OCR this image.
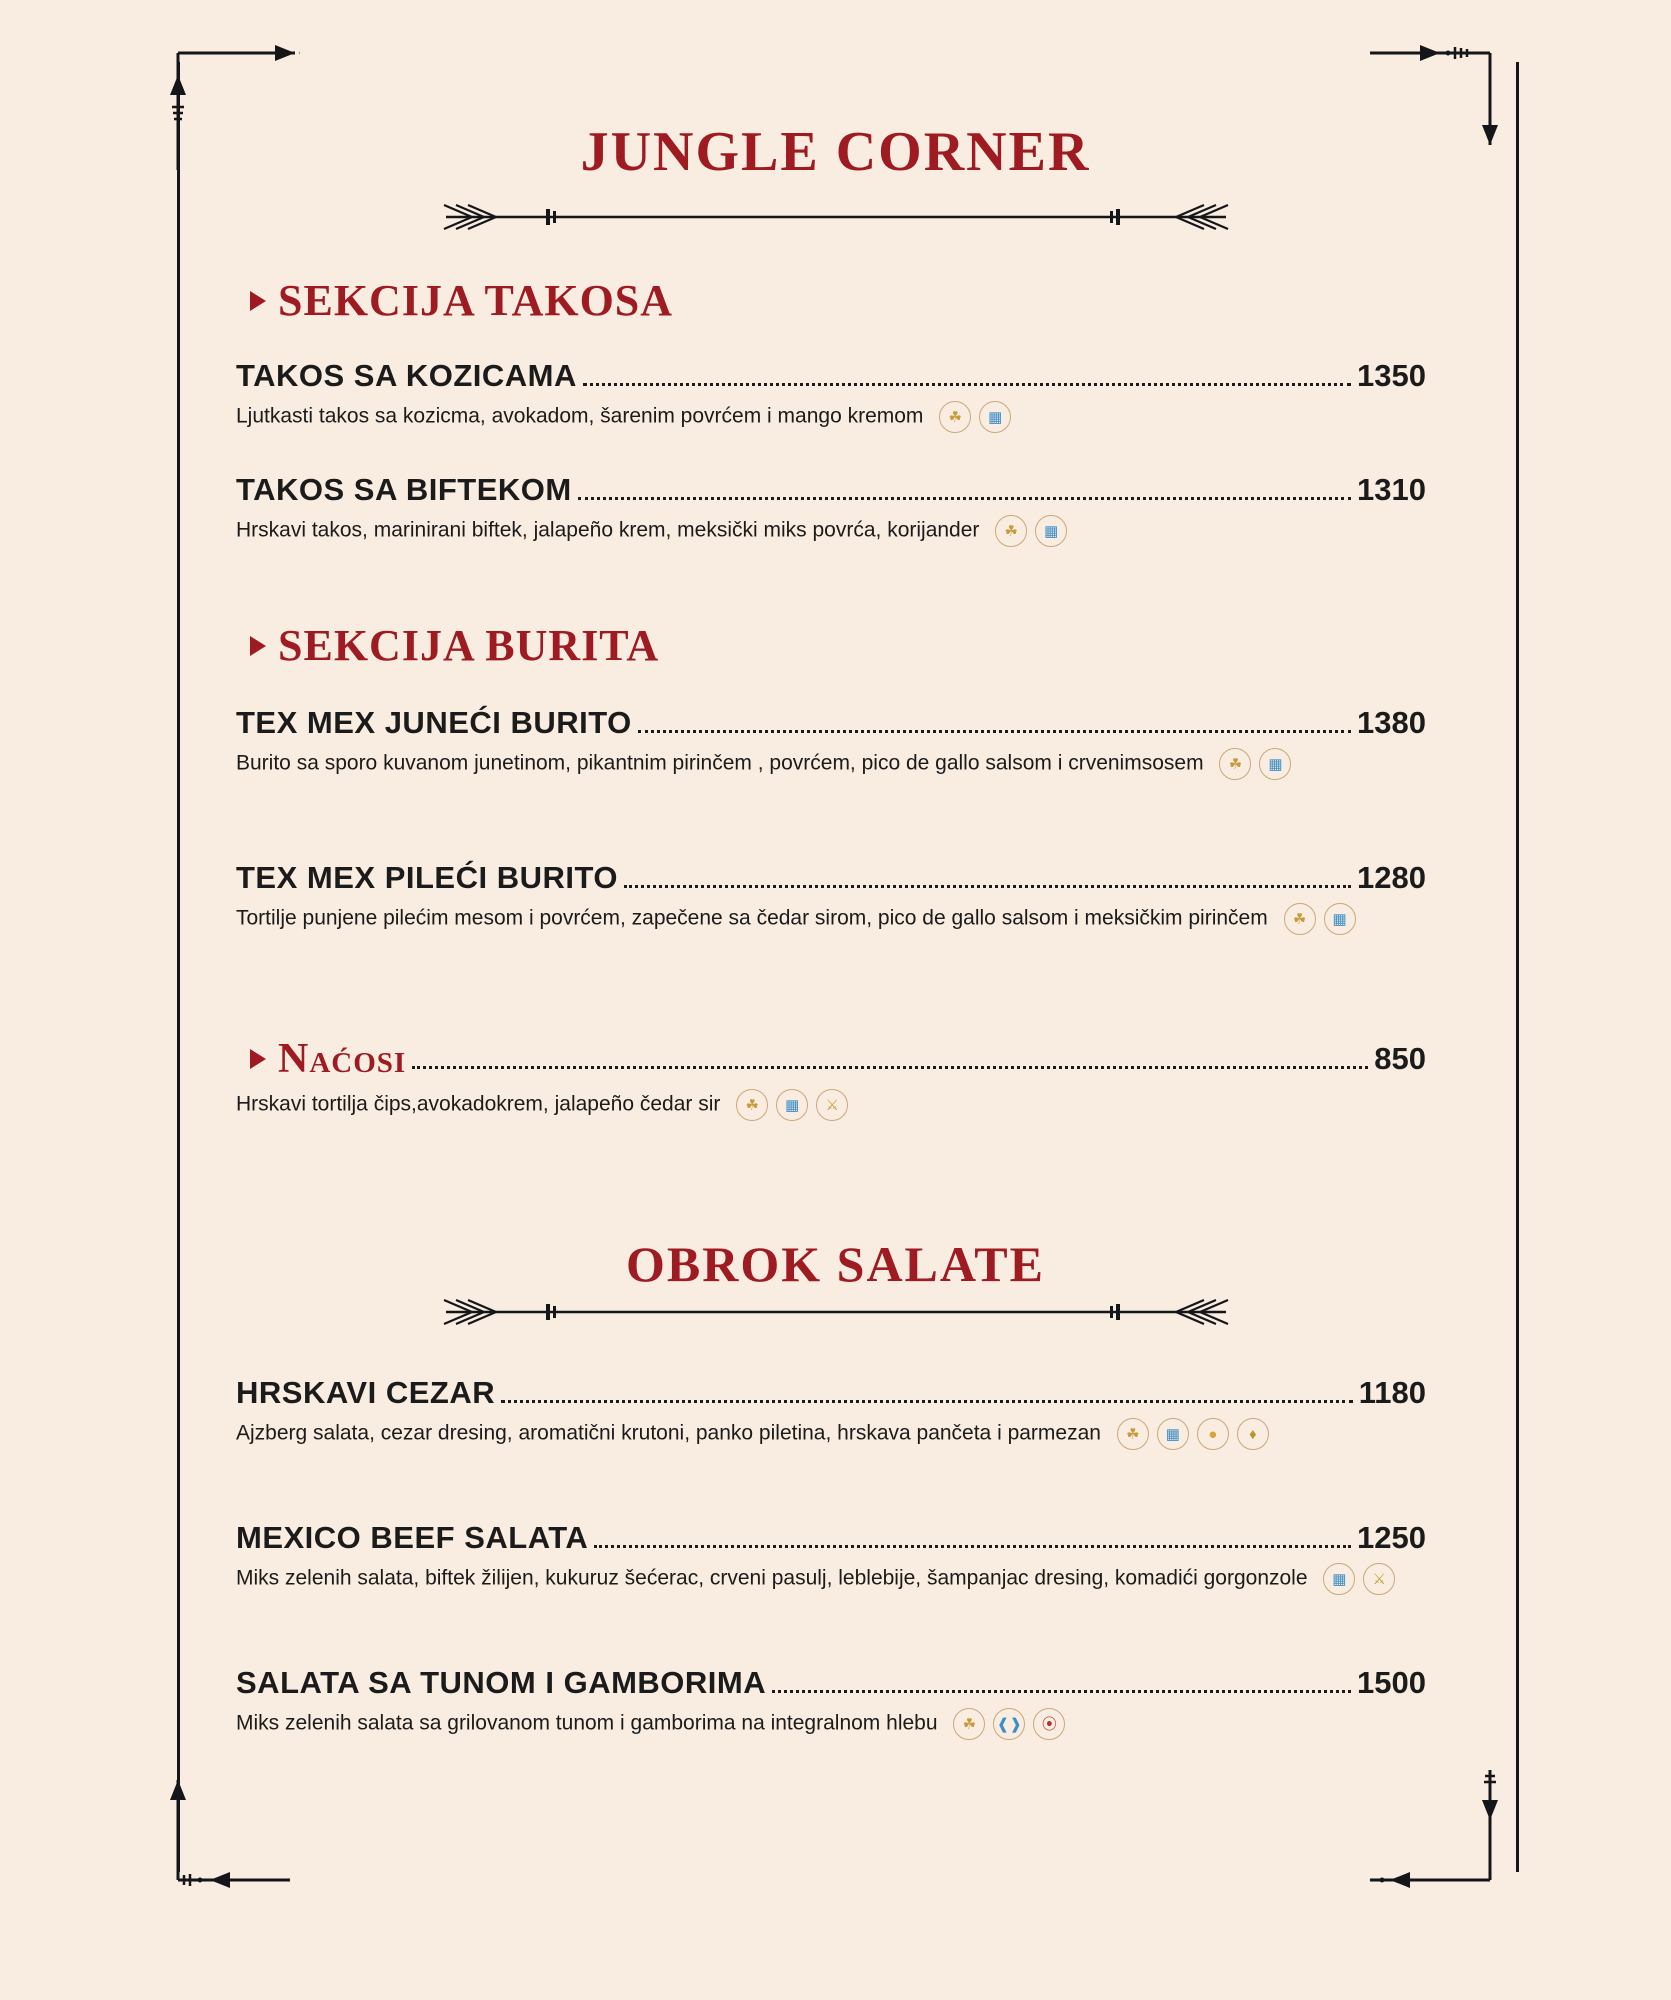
JUNGLE CORNER
SEKCIJA TAKOSA
TAKOS SA KOZICAMA	1350
Ljutkasti takos sa kozicma, avokadom, šarenim povrćem i mango kremom	☘	▦
TAKOS SA BIFTEKOM	1310
Hrskavi takos, marinirani biftek, jalapeño krem, meksički miks povrća, korijander	☘	▦
SEKCIJA BURITA
TEX MEX JUNEĆI BURITO	1380
Burito sa sporo kuvanom junetinom, pikantnim pirinčem , povrćem, pico de gallo salsom i crvenimsosem	☘	▦
TEX MEX PILEĆI BURITO	1280
Tortilje punjene pilećim mesom i povrćem, zapečene sa čedar sirom, pico de gallo salsom i meksičkim pirinčem	☘	▦
Naćosi	850
Hrskavi tortilja čips,avokadokrem, jalapeño čedar sir	☘	▦	⚔
OBROK SALATE
HRSKAVI CEZAR	1180
Ajzberg salata, cezar dresing, aromatični krutoni, panko piletina, hrskava pančeta i parmezan	☘	▦	●	♦
MEXICO BEEF SALATA	1250
Miks zelenih salata, biftek žilijen, kukuruz šećerac, crveni pasulj, leblebije, šampanjac dresing, komadići gorgonzole	▦	⚔
SALATA SA TUNOM I GAMBORIMA	1500
Miks zelenih salata sa grilovanom tunom i gamborima na integralnom hlebu	☘	❰❱	⦿
